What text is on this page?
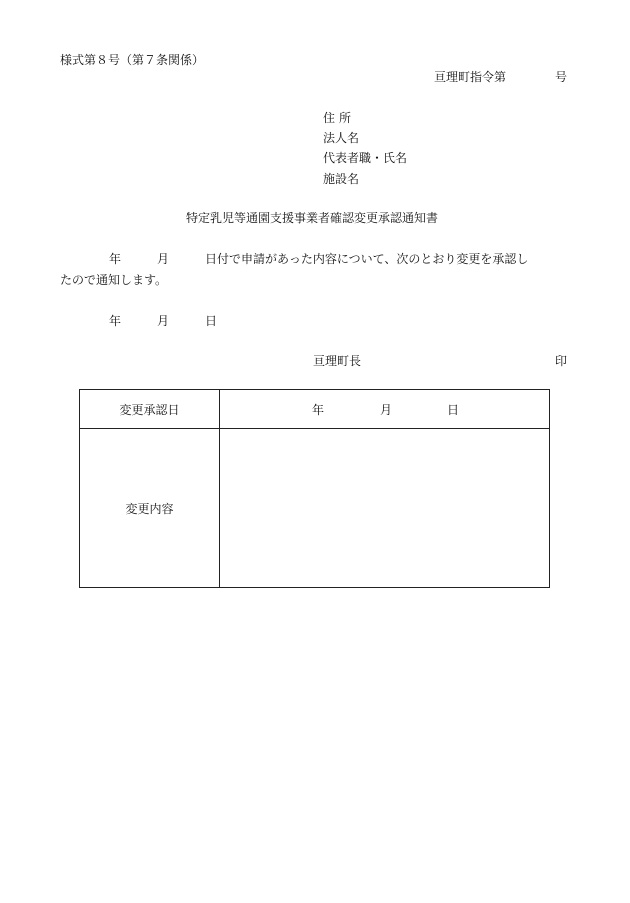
様式第８号（第７条関係）
亘理町指令第	号
住所
法人名
代表者職・氏名
施設名
特定乳児等通園支援事業者確認変更承認通知書
年	月	日付で申請があった内容について、次のとおり変更を承認し
たので通知します。
年	月	日
亘理町長	印
変更承認日	年 月 日

変更内容	
